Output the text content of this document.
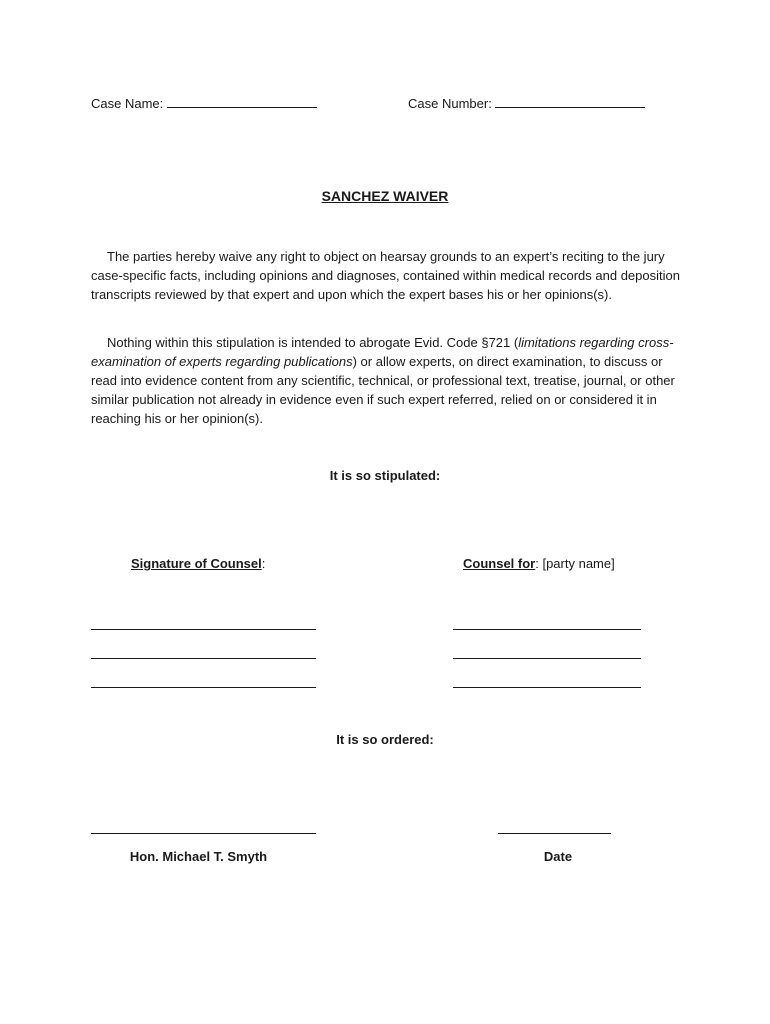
Case Name:	Case Number:
SANCHEZ WAIVER
The parties hereby waive any right to object on hearsay grounds to an expert’s reciting to the jury case-specific facts, including opinions and diagnoses, contained within medical records and deposition transcripts reviewed by that expert and upon which the expert bases his or her opinions(s).
Nothing within this stipulation is intended to abrogate Evid. Code §721 (limitations regarding cross-examination of experts regarding publications) or allow experts, on direct examination, to discuss or read into evidence content from any scientific, technical, or professional text, treatise, journal, or other similar publication not already in evidence even if such expert referred, relied on or considered it in reaching his or her opinion(s).
It is so stipulated:
Signature of Counsel:	Counsel for: [party name]
It is so ordered:
Hon. Michael T. Smyth	Date
